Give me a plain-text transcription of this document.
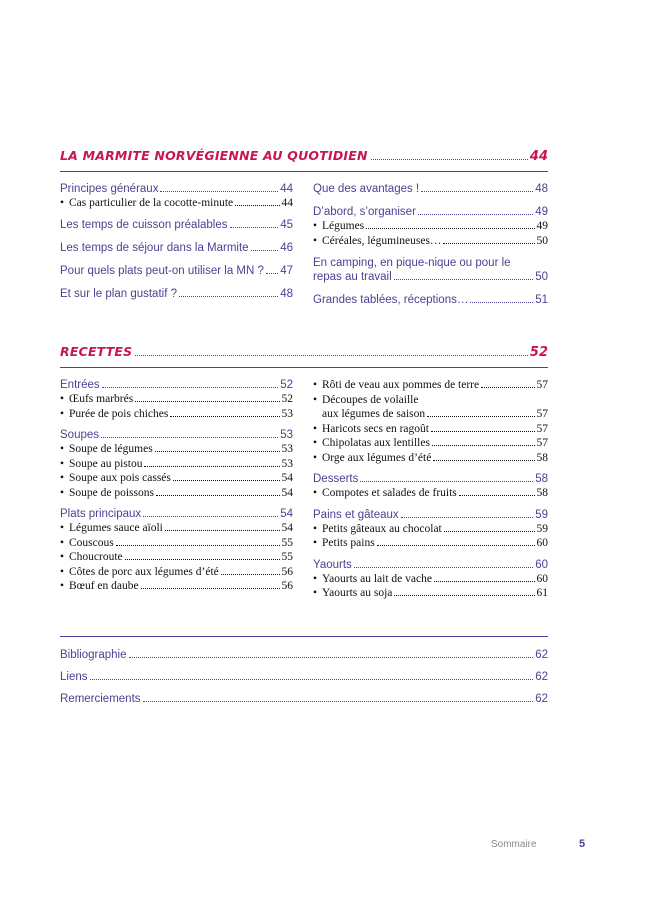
LA MARMITE NORVÉGIENNE AU QUOTIDIEN	44
Principes généraux	44
• Cas particulier de la cocotte-minute	44
Les temps de cuisson préalables	45
Les temps de séjour dans la Marmite	46
Pour quels plats peut-on utiliser la MN ? 47
Et sur le plan gustatif ?	48
Que des avantages !	48
D’abord, s’organiser	49
• Légumes	49
• Céréales, légumineuses…	50
En camping, en pique-nique ou pour le
repas au travail	50
Grandes tablées, réceptions…	51
RECETTES	52
Entrées	52
• Œufs marbrés	52
• Purée de pois chiches	53
Soupes	53
• Soupe de légumes	53
• Soupe au pistou	53
• Soupe aux pois cassés	54
• Soupe de poissons	54
Plats principaux	54
• Légumes sauce aïoli	54
• Couscous	55
• Choucroute	55
• Côtes de porc aux légumes d’été	56
• Bœuf en daube	56
• Rôti de veau aux pommes de terre	57
• Découpes de volaille
aux légumes de saison	57
• Haricots secs en ragoût	57
• Chipolatas aux lentilles	57
• Orge aux légumes d’été	58
Desserts	58
• Compotes et salades de fruits	58
Pains et gâteaux	59
• Petits gâteaux au chocolat	59
• Petits pains	60
Yaourts	60
• Yaourts au lait de vache	60
• Yaourts au soja	61
Bibliographie	62
Liens	62
Remerciements	62
Sommaire	5
